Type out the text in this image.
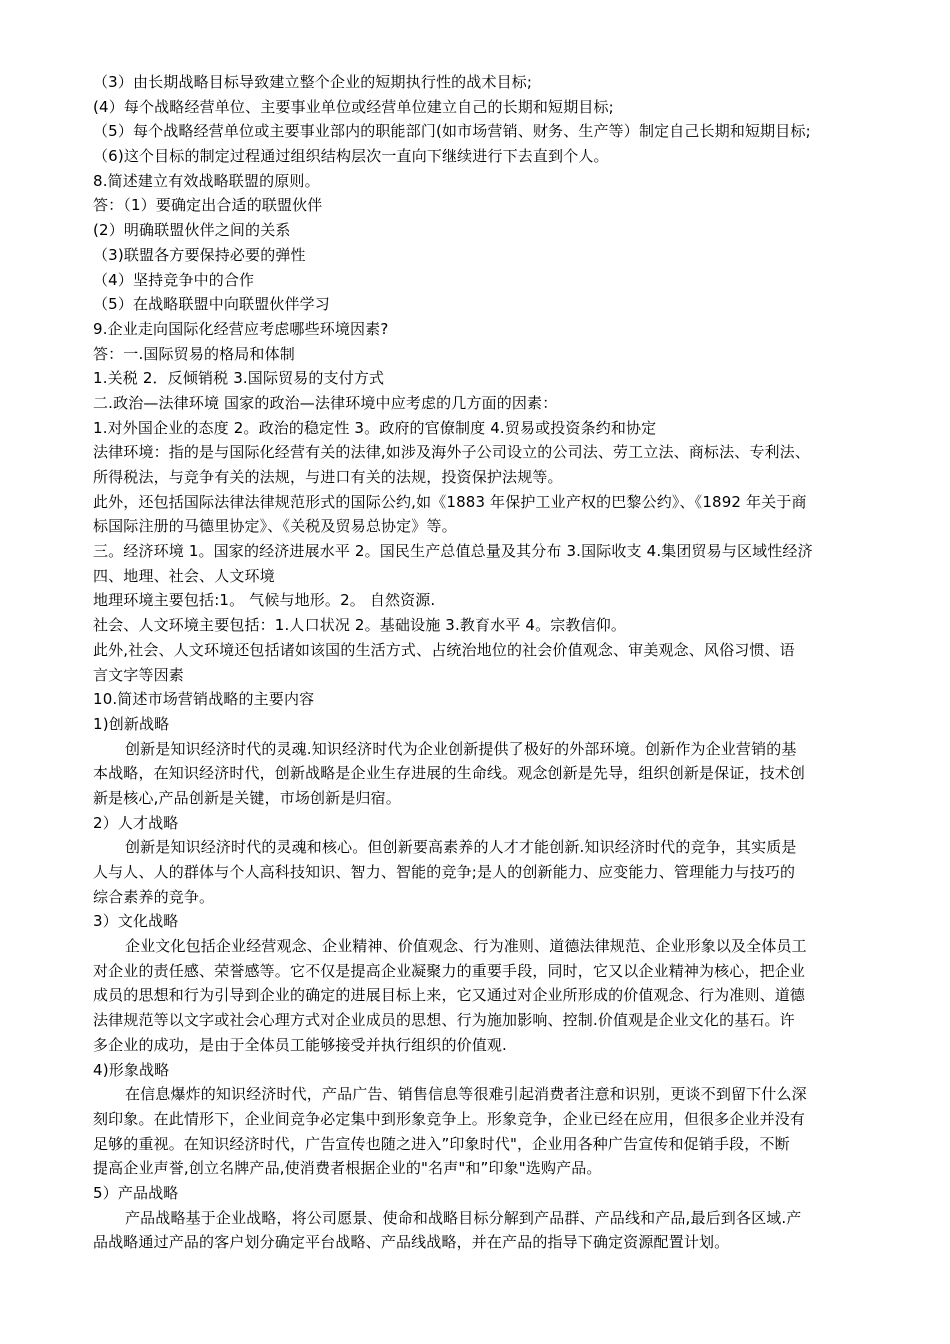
（3）由长期战略目标导致建立整个企业的短期执行性的战术目标;
(4）每个战略经营单位、主要事业单位或经营单位建立自己的长期和短期目标;
（5）每个战略经营单位或主要事业部内的职能部门(如市场营销、财务、生产等）制定自己长期和短期目标;
（6)这个目标的制定过程通过组织结构层次一直向下继续进行下去直到个人。
8.简述建立有效战略联盟的原则。
答：（1）要确定出合适的联盟伙伴
(2）明确联盟伙伴之间的关系
（3)联盟各方要保持必要的弹性
（4）坚持竞争中的合作
（5）在战略联盟中向联盟伙伴学习
9.企业走向国际化经营应考虑哪些环境因素?
答：一.国际贸易的格局和体制
1.关税 2．反倾销税 3.国际贸易的支付方式
二.政治—法律环境 国家的政治—法律环境中应考虑的几方面的因素：
1.对外国企业的态度 2。政治的稳定性 3。政府的官僚制度 4.贸易或投资条约和协定
法律环境：指的是与国际化经营有关的法律,如涉及海外子公司设立的公司法、劳工立法、商标法、专利法、
所得税法，与竞争有关的法规，与进口有关的法规，投资保护法规等。
此外，还包括国际法律法律规范形式的国际公约,如《1883 年保护工业产权的巴黎公约》、《1892 年关于商
标国际注册的马德里协定》、《关税及贸易总协定》等。
三。经济环境 1。国家的经济进展水平 2。国民生产总值总量及其分布 3.国际收支 4.集团贸易与区域性经济
四、地理、社会、人文环境
地理环境主要包括:1。 气候与地形。2。 自然资源.
社会、人文环境主要包括：1.人口状况 2。基础设施 3.教育水平 4。宗教信仰。
此外,社会、人文环境还包括诸如该国的生活方式、占统治地位的社会价值观念、审美观念、风俗习惯、语
言文字等因素
10.简述市场营销战略的主要内容
1)创新战略
创新是知识经济时代的灵魂.知识经济时代为企业创新提供了极好的外部环境。创新作为企业营销的基
本战略，在知识经济时代，创新战略是企业生存进展的生命线。观念创新是先导，组织创新是保证，技术创
新是核心,产品创新是关键，市场创新是归宿。
2）人才战略
创新是知识经济时代的灵魂和核心。但创新要高素养的人才才能创新.知识经济时代的竞争，其实质是
人与人、人的群体与个人高科技知识、智力、智能的竞争;是人的创新能力、应变能力、管理能力与技巧的
综合素养的竞争。
3）文化战略
企业文化包括企业经营观念、企业精神、价值观念、行为准则、道德法律规范、企业形象以及全体员工
对企业的责任感、荣誉感等。它不仅是提高企业凝聚力的重要手段，同时，它又以企业精神为核心，把企业
成员的思想和行为引导到企业的确定的进展目标上来，它又通过对企业所形成的价值观念、行为准则、道德
法律规范等以文字或社会心理方式对企业成员的思想、行为施加影响、控制.价值观是企业文化的基石。许
多企业的成功，是由于全体员工能够接受并执行组织的价值观.
4)形象战略
在信息爆炸的知识经济时代，产品广告、销售信息等很难引起消费者注意和识别，更谈不到留下什么深
刻印象。在此情形下，企业间竞争必定集中到形象竞争上。形象竞争，企业已经在应用，但很多企业并没有
足够的重视。在知识经济时代，广告宣传也随之进入”印象时代"，企业用各种广告宣传和促销手段，不断
提高企业声誉,创立名牌产品,使消费者根据企业的"名声"和”印象"选购产品。
5）产品战略
产品战略基于企业战略，将公司愿景、使命和战略目标分解到产品群、产品线和产品,最后到各区域.产
品战略通过产品的客户划分确定平台战略、产品线战略，并在产品的指导下确定资源配置计划。
